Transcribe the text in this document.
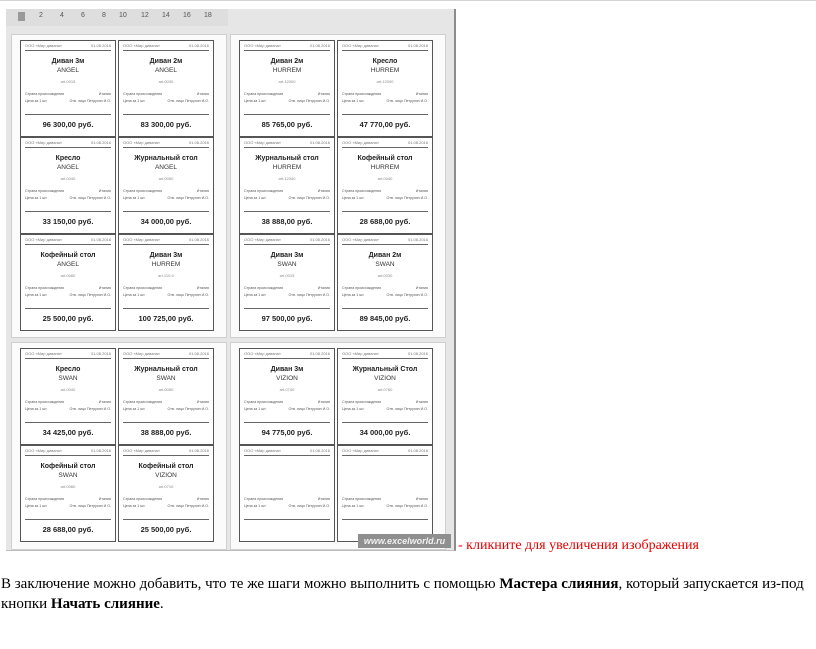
2 4 6 8 10 12 14 16 18
ООО «Мир дивана»	01.08.2016
Диван 3м
ANGEL
art.0015
Страна происхождения	Италия
Цена за 1 шт.	Отв. лицо Петрухин И.О.
96 300,00 руб.
ООО «Мир дивана»	01.08.2016
Диван 2м
ANGEL
art.0030
Страна происхождения	Италия
Цена за 1 шт.	Отв. лицо Петрухин И.О.
83 300,00 руб.
ООО «Мир дивана»	01.08.2016
Кресло
ANGEL
art.0040
Страна происхождения	Италия
Цена за 1 шт.	Отв. лицо Петрухин И.О.
33 150,00 руб.
ООО «Мир дивана»	01.08.2016
Журнальный стол
ANGEL
art.0050
Страна происхождения	Италия
Цена за 1 шт.	Отв. лицо Петрухин И.О.
34 000,00 руб.
ООО «Мир дивана»	01.08.2016
Кофейный стол
ANGEL
art.0060
Страна происхождения	Италия
Цена за 1 шт.	Отв. лицо Петрухин И.О.
25 500,00 руб.
ООО «Мир дивана»	01.08.2016
Диван 3м
HURREM
art.110-0
Страна происхождения	Италия
Цена за 1 шт.	Отв. лицо Петрухин И.О.
100 725,00 руб.
ООО «Мир дивана»	01.08.2016
Диван 2м
HURREM
art.12000
Страна происхождения	Италия
Цена за 1 шт.	Отв. лицо Петрухин И.О.
85 765,00 руб.
ООО «Мир дивана»	01.08.2016
Кресло
HURREM
art.12000
Страна происхождения	Италия
Цена за 1 шт.	Отв. лицо Петрухин И.О.
47 770,00 руб.
ООО «Мир дивана»	01.08.2016
Журнальный стол
HURREM
art.12040
Страна происхождения	Италия
Цена за 1 шт.	Отв. лицо Петрухин И.О.
38 888,00 руб.
ООО «Мир дивана»	01.08.2016
Кофейный стол
HURREM
art.0040
Страна происхождения	Италия
Цена за 1 шт.	Отв. лицо Петрухин И.О.
28 688,00 руб.
ООО «Мир дивана»	01.08.2016
Диван 3м
SWAN
art.0015
Страна происхождения	Италия
Цена за 1 шт.	Отв. лицо Петрухин И.О.
97 500,00 руб.
ООО «Мир дивана»	01.08.2016
Диван 2м
SWAN
art.0030
Страна происхождения	Италия
Цена за 1 шт.	Отв. лицо Петрухин И.О.
89 845,00 руб.
ООО «Мир дивана»	01.08.2016
Кресло
SWAN
art.0040
Страна происхождения	Италия
Цена за 1 шт.	Отв. лицо Петрухин И.О.
34 425,00 руб.
ООО «Мир дивана»	01.08.2016
Журнальный стол
SWAN
art.0050
Страна происхождения	Италия
Цена за 1 шт.	Отв. лицо Петрухин И.О.
38 888,00 руб.
ООО «Мир дивана»	01.08.2016
Кофейный стол
SWAN
art.0060
Страна происхождения	Италия
Цена за 1 шт.	Отв. лицо Петрухин И.О.
28 688,00 руб.
ООО «Мир дивана»	01.08.2016
Кофейный стол
VIZION
art.0710
Страна происхождения	Италия
Цена за 1 шт.	Отв. лицо Петрухин И.О.
25 500,00 руб.
ООО «Мир дивана»	01.08.2016
Диван 3м
VIZION
art.0740
Страна происхождения	Италия
Цена за 1 шт.	Отв. лицо Петрухин И.О.
94 775,00 руб.
ООО «Мир дивана»	01.08.2016
Журнальный Стол
VIZION
art.0760
Страна происхождения	Италия
Цена за 1 шт.	Отв. лицо Петрухин И.О.
34 000,00 руб.
ООО «Мир дивана»	01.08.2016
Страна происхождения	Италия
Цена за 1 шт.	Отв. лицо Петрухин И.О.
ООО «Мир дивана»	01.08.2016
Страна происхождения	Италия
Цена за 1 шт.	Отв. лицо Петрухин И.О.
www.excelworld.ru - кликните для увеличения изображения
В заключение можно добавить, что те же шаги можно выполнить с помощью Мастера слияния, который запускается из-под кнопки Начать слияние.
